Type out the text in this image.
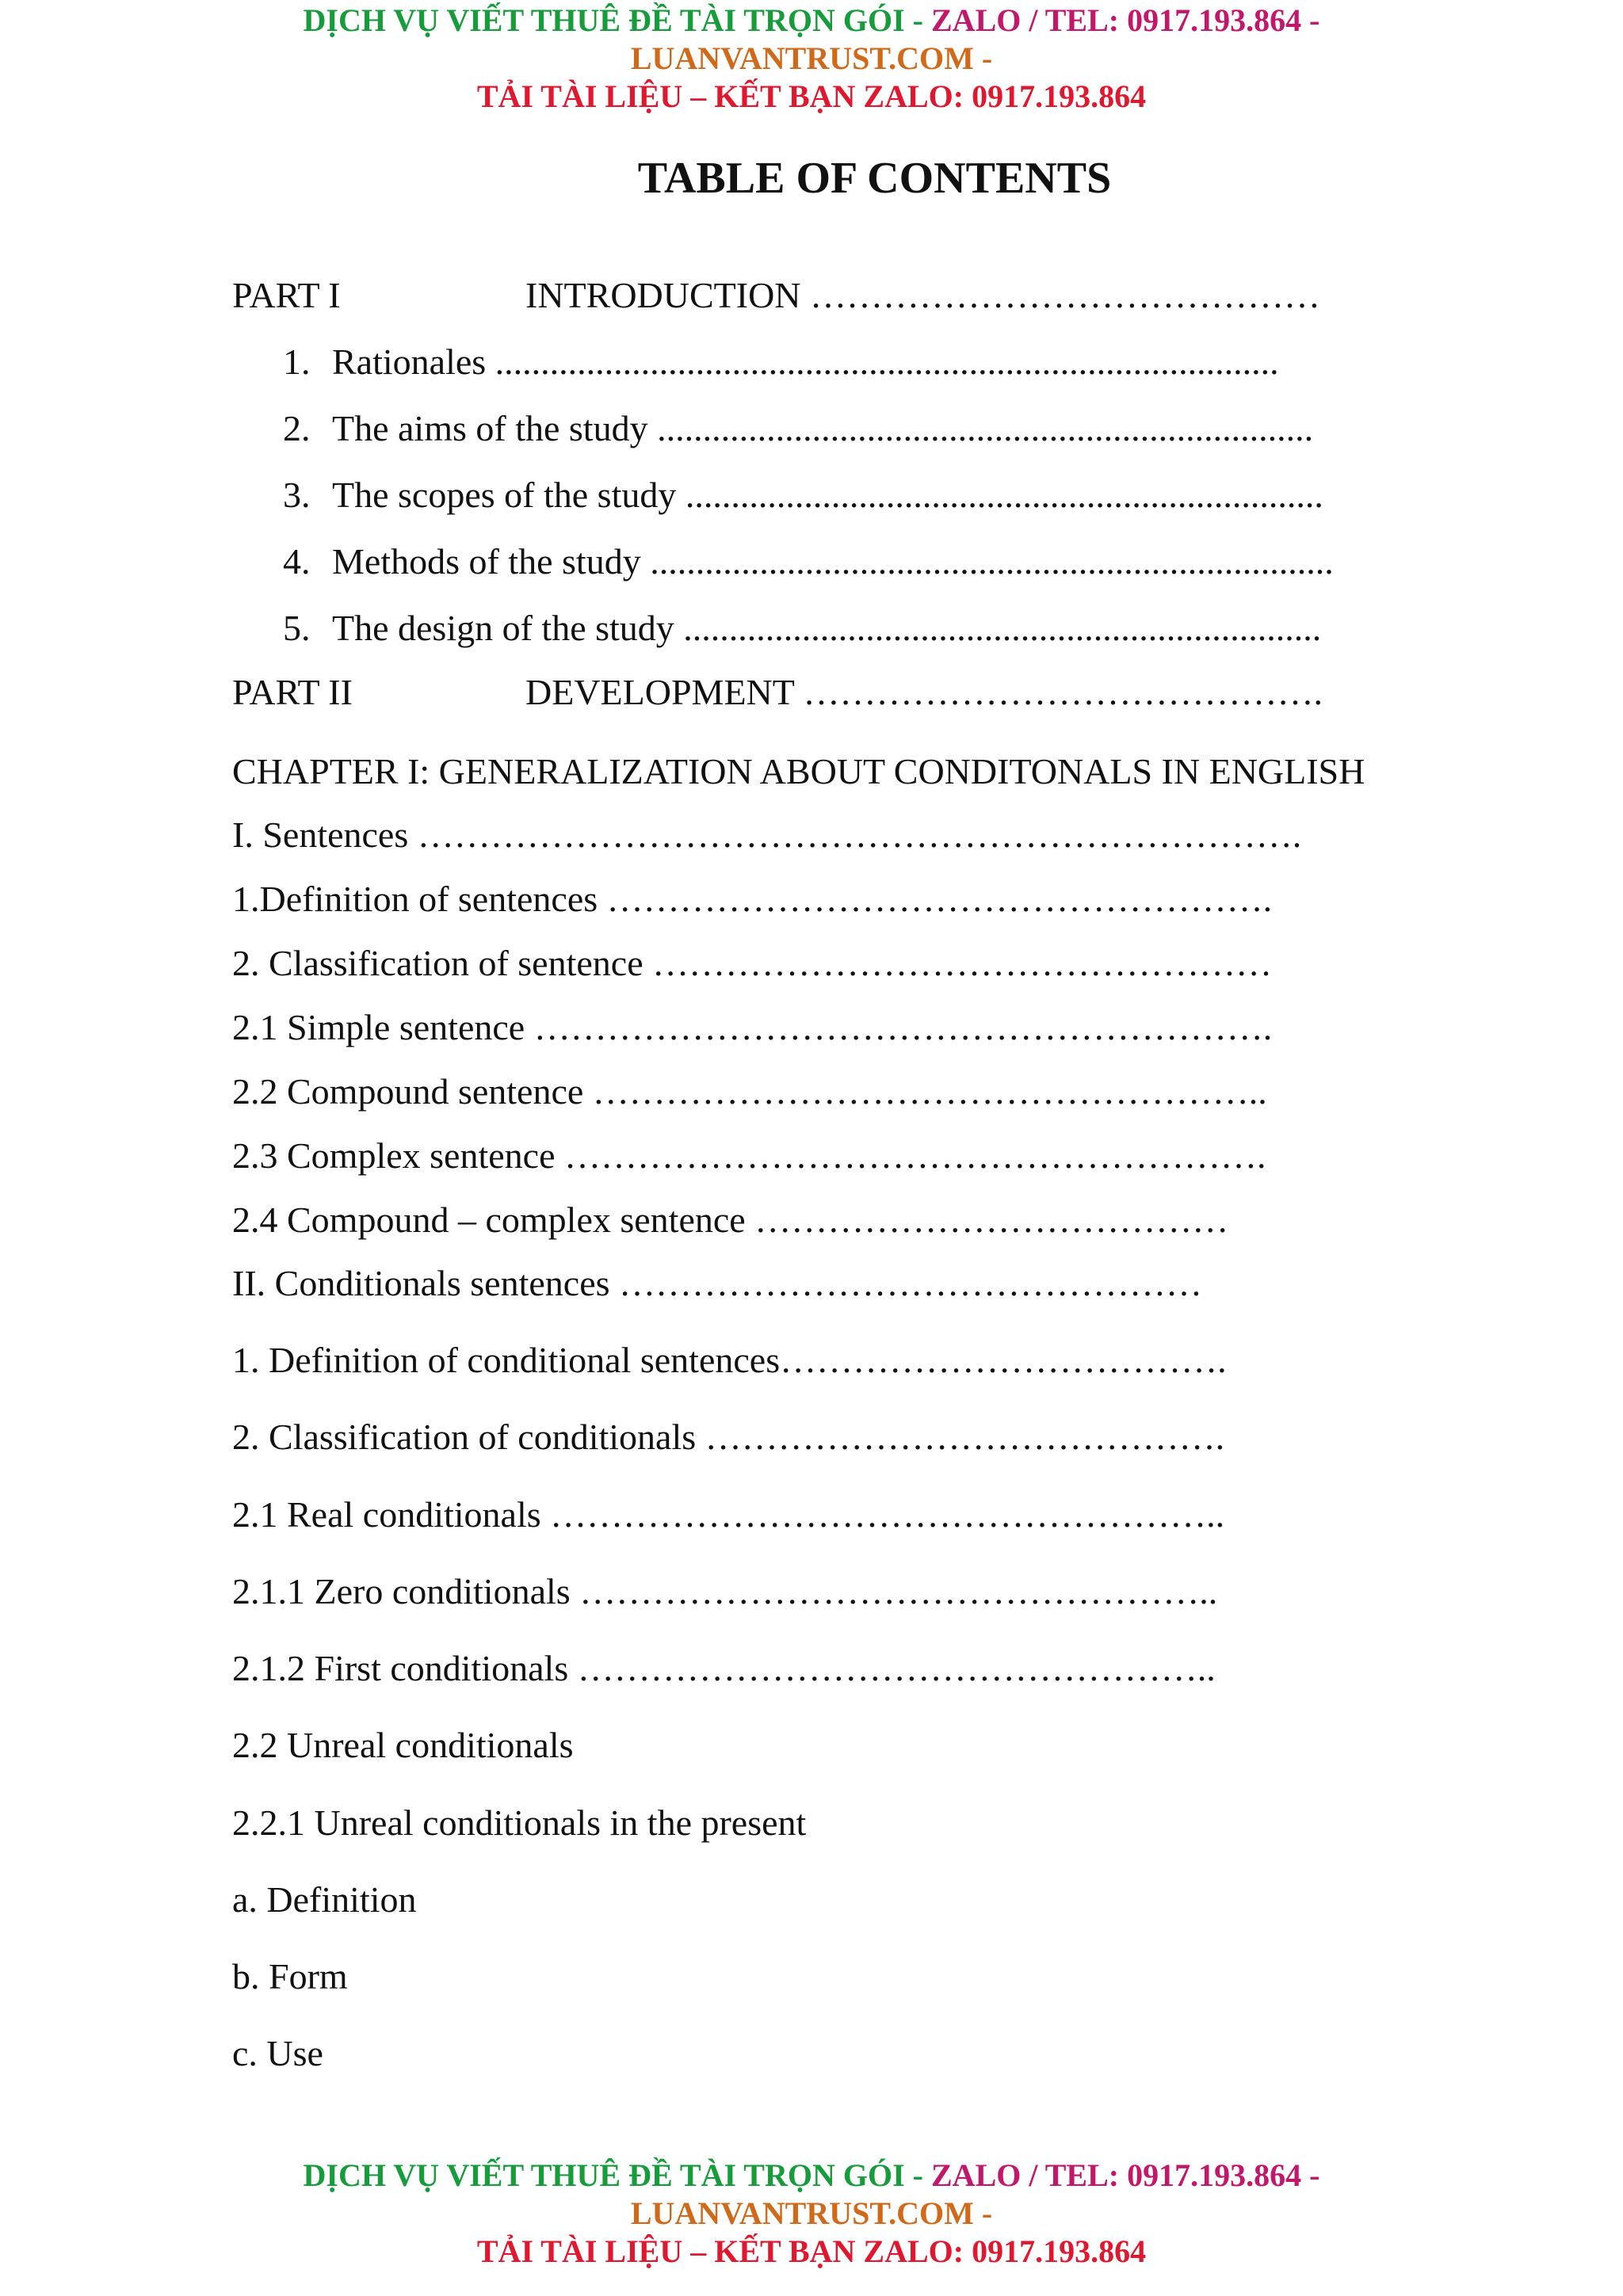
DỊCH VỤ VIẾT THUÊ ĐỀ TÀI TRỌN GÓI - ZALO / TEL: 0917.193.864 -
LUANVANTRUST.COM -
TẢI TÀI LIỆU – KẾT BẠN ZALO: 0917.193.864
TABLE OF CONTENTS
PART I	INTRODUCTION ……………………………………
1. Rationales ......................................................................................
2. The aims of the study ........................................................................
3. The scopes of the study ......................................................................
4. Methods of the study ...........................................................................
5. The design of the study ......................................................................
PART II	DEVELOPMENT …………………………………….
CHAPTER I: GENERALIZATION ABOUT CONDITONALS IN ENGLISH
I. Sentences ……………………………………………………………….
1.Definition of sentences ……………………………………………….
2. Classification of sentence ……………………………………………
2.1 Simple sentence …………………………………………………….
2.2 Compound sentence ………………………………………………..
2.3 Complex sentence ………………………………………………….
2.4 Compound – complex sentence …………………………………
II. Conditionals sentences …………………………………………
1. Definition of conditional sentences……………………………….
2. Classification of conditionals …………………………………….
2.1 Real conditionals ………………………………………………..
2.1.1 Zero conditionals ……………………………………………..
2.1.2 First conditionals ……………………………………………..
2.2 Unreal conditionals
2.2.1 Unreal conditionals in the present
a. Definition
b. Form
c. Use
DỊCH VỤ VIẾT THUÊ ĐỀ TÀI TRỌN GÓI - ZALO / TEL: 0917.193.864 -
LUANVANTRUST.COM -
TẢI TÀI LIỆU – KẾT BẠN ZALO: 0917.193.864
